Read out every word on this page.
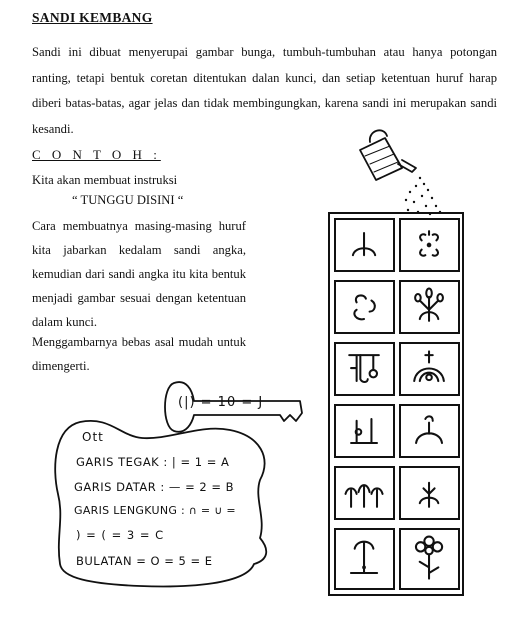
SANDI KEMBANG
Sandi ini dibuat menyerupai gambar bunga, tumbuh-tumbuhan atau hanya potongan ranting, tetapi bentuk coretan ditentukan dalan kunci, dan setiap ketentuan huruf harap diberi batas-batas, agar jelas dan tidak membingungkan, karena sandi ini merupakan sandi kesandi.
C O N T O H :
Kita akan membuat instruksi
“ TUNGGU DISINI “
Cara membuatnya masing-masing huruf kita jabarkan kedalam sandi angka, kemudian dari sandi angka itu kita bentuk menjadi gambar sesuai dengan ketentuan dalam kunci.
Menggambarnya bebas asal mudah untuk dimengerti.
(|) = 10 = J
Ott
GARIS TEGAK : | = 1 = A
GARIS DATAR : — = 2 = B
GARIS LENGKUNG : ∩ = ∪ =
) = ( = 3 = C
BULATAN = O = 5 = E
